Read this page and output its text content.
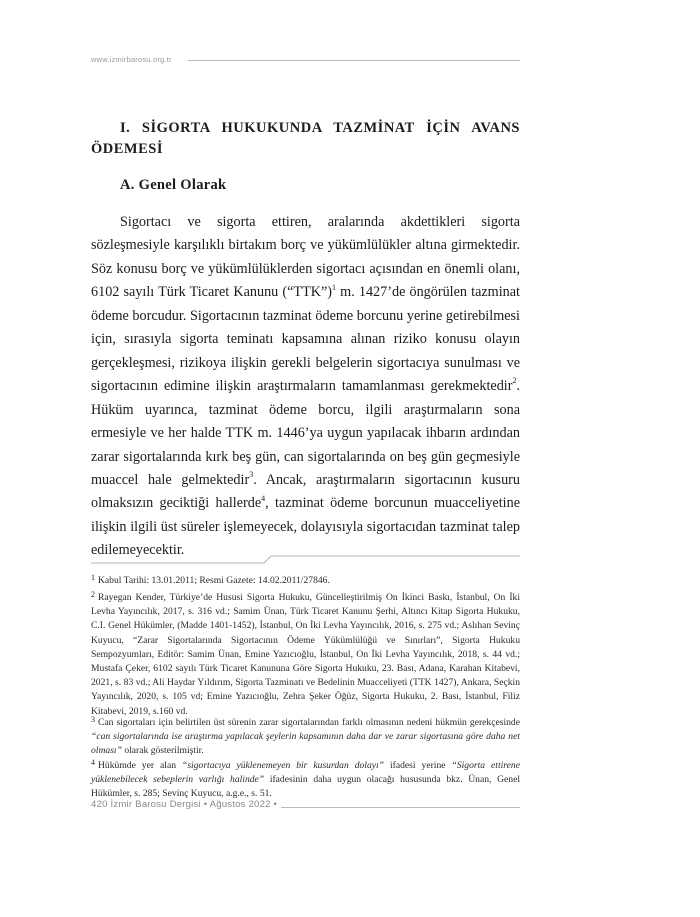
www.izmirbarosu.org.tr
I. SİGORTA HUKUKUNDA TAZMİNAT İÇİN AVANS ÖDEMESİ
A. Genel Olarak

Sigortacı ve sigorta ettiren, aralarında akdettikleri sigorta sözleşmesiyle karşılıklı birtakım borç ve yükümlülükler altına girmektedir. Söz konusu borç ve yükümlülüklerden sigortacı açısından en önemli olanı, 6102 sayılı Türk Ticaret Kanunu (“TTK”)$^1$ m. 1427’de öngörülen tazminat ödeme borcudur. Sigortacının tazminat ödeme borcunu yerine getirebilmesi için, sırasıyla sigorta teminatı kapsamına alınan riziko konusu olayın gerçekleşmesi, rizikoya ilişkin gerekli belgelerin sigortacıya sunulması ve sigortacının edimine ilişkin araştırmaların tamamlanması gerekmektedir$^2$. Hüküm uyarınca, tazminat ödeme borcu, ilgili araştırmaların sona ermesiyle ve her halde TTK m. 1446’ya uygun yapılacak ihbarın ardından zarar sigortalarında kırk beş gün, can sigortalarında on beş gün geçmesiyle muaccel hale gelmektedir$^3$. Ancak, araştırmaların sigortacının kusuru olmaksızın geciktiği hallerde$^4$, tazminat ödeme borcunun muacceliyetine ilişkin ilgili üst süreler işlemeyecek, dolayısıyla sigortacıdan tazminat talep edilemeyecektir.

$^1$ Kabul Tarihi: 13.01.2011; Resmi Gazete: 14.02.2011/27846.

$^2$ Rayegan Kender, Türkiye’de Hususi Sigorta Hukuku, Güncelleştirilmiş On İkinci Baskı, İstanbul, On İki Levha Yayıncılık, 2017, s. 316 vd.; Samim Ünan, Türk Ticaret Kanunu Şerhi, Altıncı Kitap Sigorta Hukuku, C.I. Genel Hükümler, (Madde 1401-1452), İstanbul, On İki Levha Yayıncılık, 2016, s. 275 vd.; Aslıhan Sevinç Kuyucu, “Zarar Sigortalarında Sigortacının Ödeme Yükümlülüğü ve Sınırları”, Sigorta Hukuku Sempozyumları, Editör: Samim Ünan, Emine Yazıcıoğlu, İstanbul, On İki Levha Yayıncılık, 2018, s. 44 vd.; Mustafa Çeker, 6102 sayılı Türk Ticaret Kanununa Göre Sigorta Hukuku, 23. Bası, Adana, Karahan Kitabevi, 2021, s. 83 vd.; Ali Haydar Yıldırım, Sigorta Tazminatı ve Bedelinin Muacceliyeti (TTK 1427), Ankara, Seçkin Yayıncılık, 2020, s. 105 vd; Emine Yazıcıoğlu, Zehra Şeker Öğüz, Sigorta Hukuku, 2. Bası, İstanbul, Filiz Kitabevi, 2019, s.160 vd.

$^3$ Can sigortaları için belirtilen üst sürenin zarar sigortalarından farklı olmasının nedeni hükmün gerekçesinde “can sigortalarında ise araştırma yapılacak şeylerin kapsamının daha dar ve zarar sigortasına göre daha net olması” olarak gösterilmiştir.

$^4$ Hükümde yer alan “sigortacıya yüklenemeyen bir kusurdan dolayı” ifadesi yerine “Sigorta ettirene yüklenebilecek sebeplerin varlığı halinde” ifadesinin daha uygun olacağı hususunda bkz. Ünan, Genel Hükümler, s. 285; Sevinç Kuyucu, a.g.e., s. 51.

420 İzmir Barosu Dergisi • Ağustos 2022 •
